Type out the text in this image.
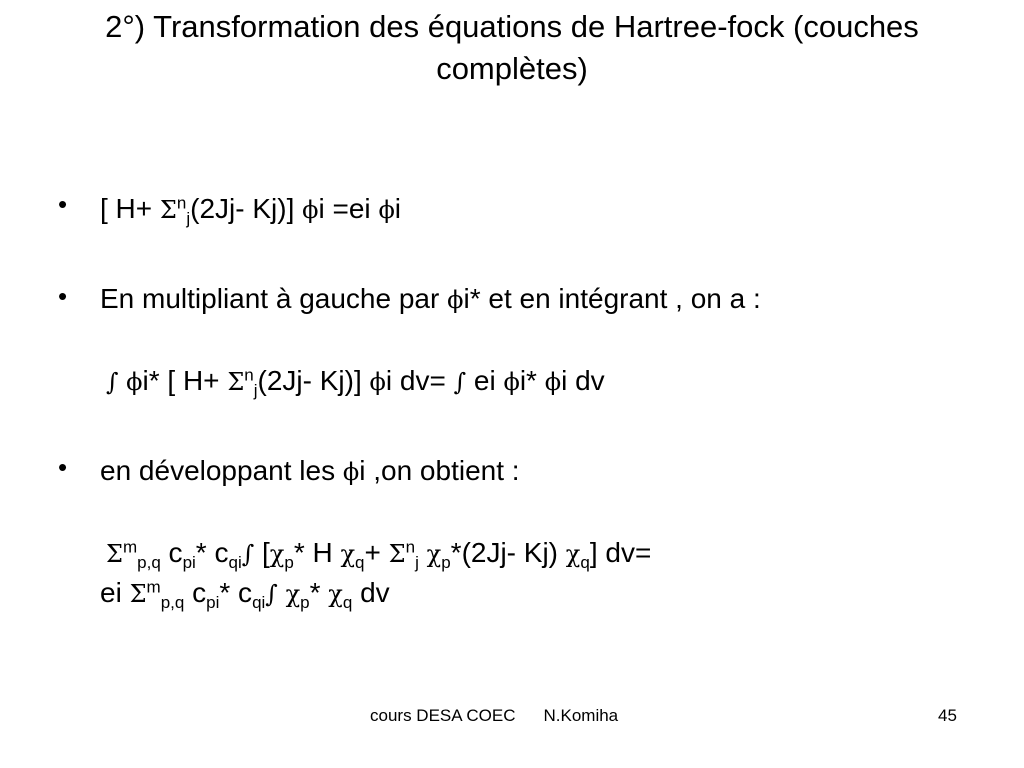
2°) Transformation des équations de Hartree-fock (couches
complètes)
• [ $H+ \Sigma^n_j(2Jj-$ Kj)] ϕi =ei ϕi
• En multipliant à gauche par ϕi* et en intégrant , on a :
∫ ϕi* [ $H+ \Sigma^n_j(2Jj-$ Kj)] ϕi dv= ∫ ei ϕi* ϕi dv
• en développant les ϕi ,on obtient :
$\Sigma^m_{p,q}$ $c_{pi}*$ $c_{qi}\int$ [$\chi_p*$ H $\chi_q+ \Sigma^n_j$ $\chi_p*(2Jj-$ Kj) $\chi_q$] dv=
ei $\Sigma^m_{p,q}$ $c_{pi}*$ $c_{qi}\int$ $\chi_p*$ $\chi_q$ dv
cours DESA COEC N.Komiha	45
